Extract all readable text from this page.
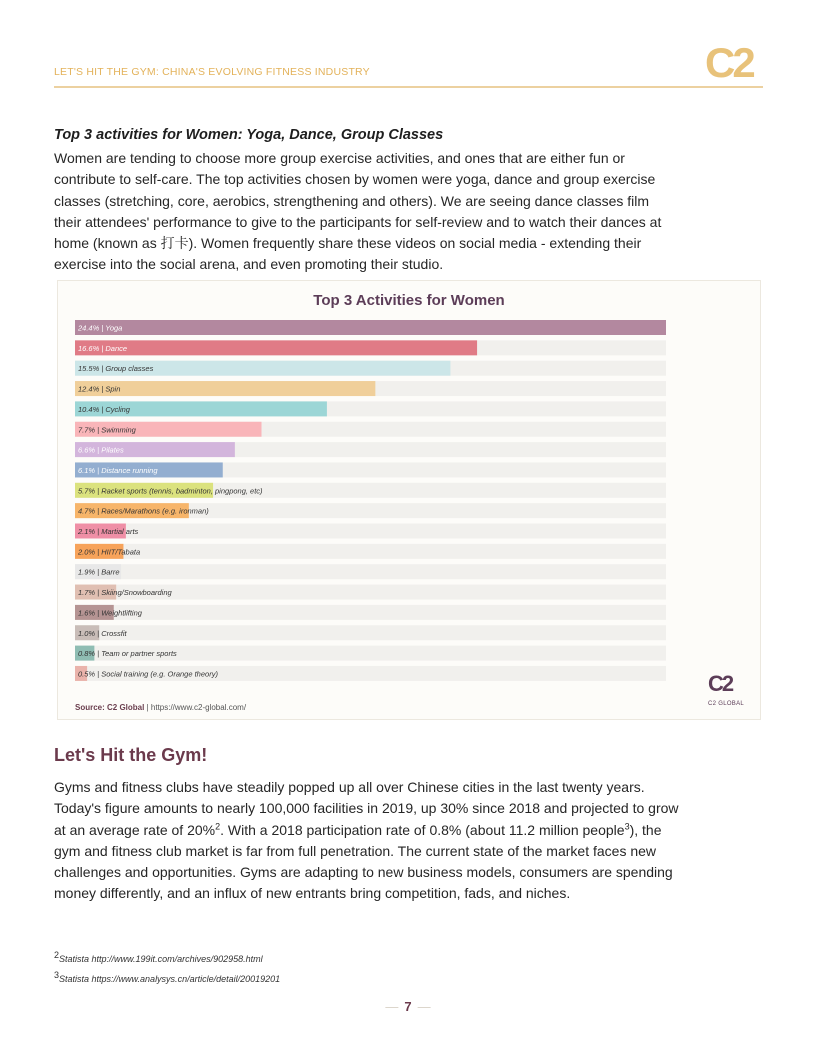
LET'S HIT THE GYM: CHINA'S EVOLVING FITNESS INDUSTRY	C2
Top 3 activities for Women: Yoga, Dance, Group Classes
Women are tending to choose more group exercise activities, and ones that are either fun or contribute to self-care. The top activities chosen by women were yoga, dance and group exercise classes (stretching, core, aerobics, strengthening and others). We are seeing dance classes film their attendees' performance to give to the participants for self-review and to watch their dances at home (known as 打卡). Women frequently share these videos on social media - extending their exercise into the social arena, and even promoting their studio.
Top 3 Activities for Women
24.4% | Yoga
16.6% | Dance
15.5% | Group classes
12.4% | Spin
10.4% | Cycling
7.7% | Swimming
6.6% | Pilates
6.1% | Distance running
5.7% | Racket sports (tennis, badminton, pingpong, etc)
4.7% | Races/Marathons (e.g. ironman)
2.1% | Martial arts
2.0% | HIIT/Tabata
1.9% | Barre
1.7% | Skiing/Snowboarding
1.6% | Weightlifting
1.0% | Crossfit
0.8% | Team or partner sports
0.5% | Social training (e.g. Orange theory)
Source: C2 Global | https://www.c2-global.com/
C2
C2 GLOBAL
Let's Hit the Gym!
Gyms and fitness clubs have steadily popped up all over Chinese cities in the last twenty years. Today's figure amounts to nearly 100,000 facilities in 2019, up 30% since 2018 and projected to grow at an average rate of 20%$^2$. With a 2018 participation rate of 0.8% (about 11.2 million people$^3$), the gym and fitness club market is far from full penetration. The current state of the market faces new challenges and opportunities. Gyms are adapting to new business models, consumers are spending money differently, and an influx of new entrants bring competition, fads, and niches.
$^2$Statista http://www.199it.com/archives/902958.html
$^3$Statista https://www.analysys.cn/article/detail/20019201
— 7 —
